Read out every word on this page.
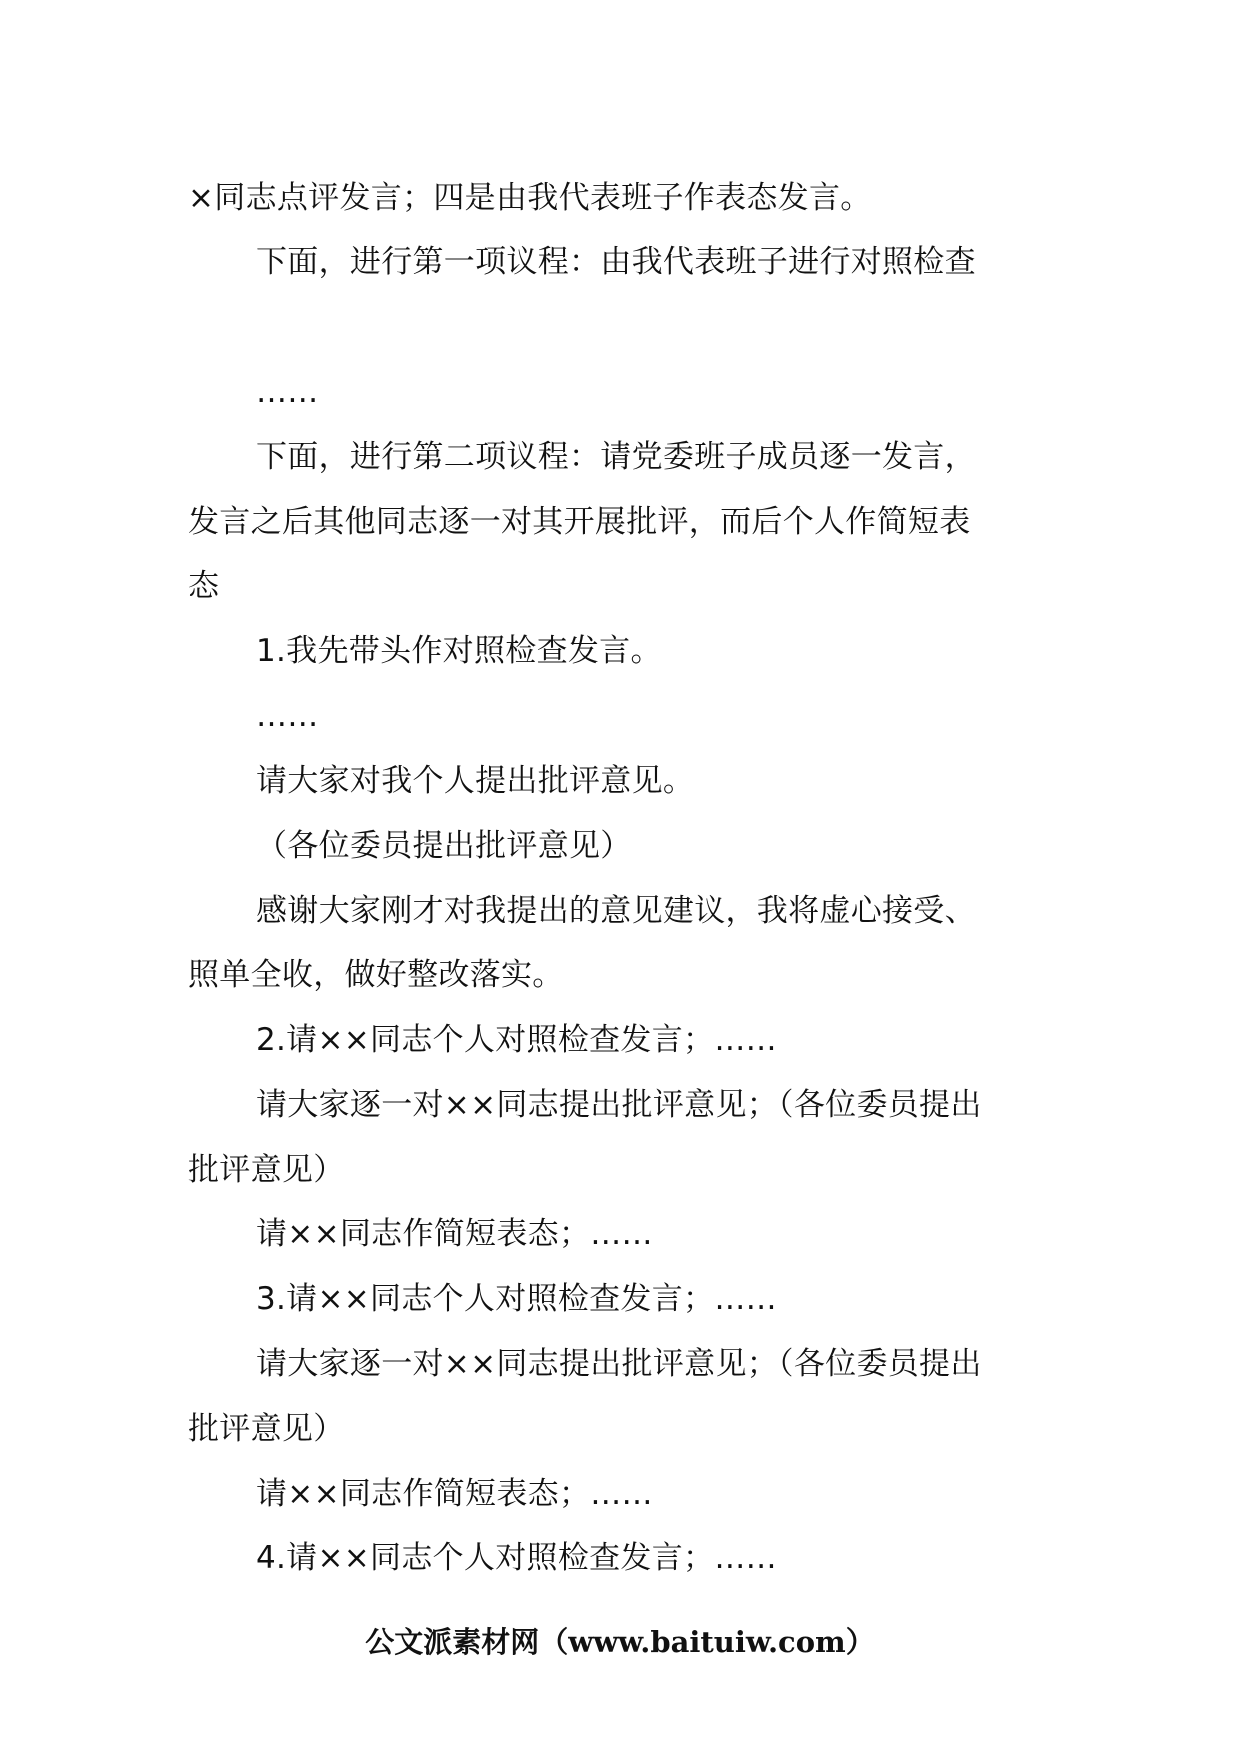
×同志点评发言；四是由我代表班子作表态发言。
下面，进行第一项议程：由我代表班子进行对照检查
……
下面，进行第二项议程：请党委班子成员逐一发言，
发言之后其他同志逐一对其开展批评，而后个人作简短表
态
1.我先带头作对照检查发言。
……
请大家对我个人提出批评意见。
（各位委员提出批评意见）
感谢大家刚才对我提出的意见建议，我将虚心接受、
照单全收，做好整改落实。
2.请××同志个人对照检查发言；……
请大家逐一对××同志提出批评意见；（各位委员提出
批评意见）
请××同志作简短表态；……
3.请××同志个人对照检查发言；……
请大家逐一对××同志提出批评意见；（各位委员提出
批评意见）
请××同志作简短表态；……
4.请××同志个人对照检查发言；……
公文派素材网（www.baituiw.com）
